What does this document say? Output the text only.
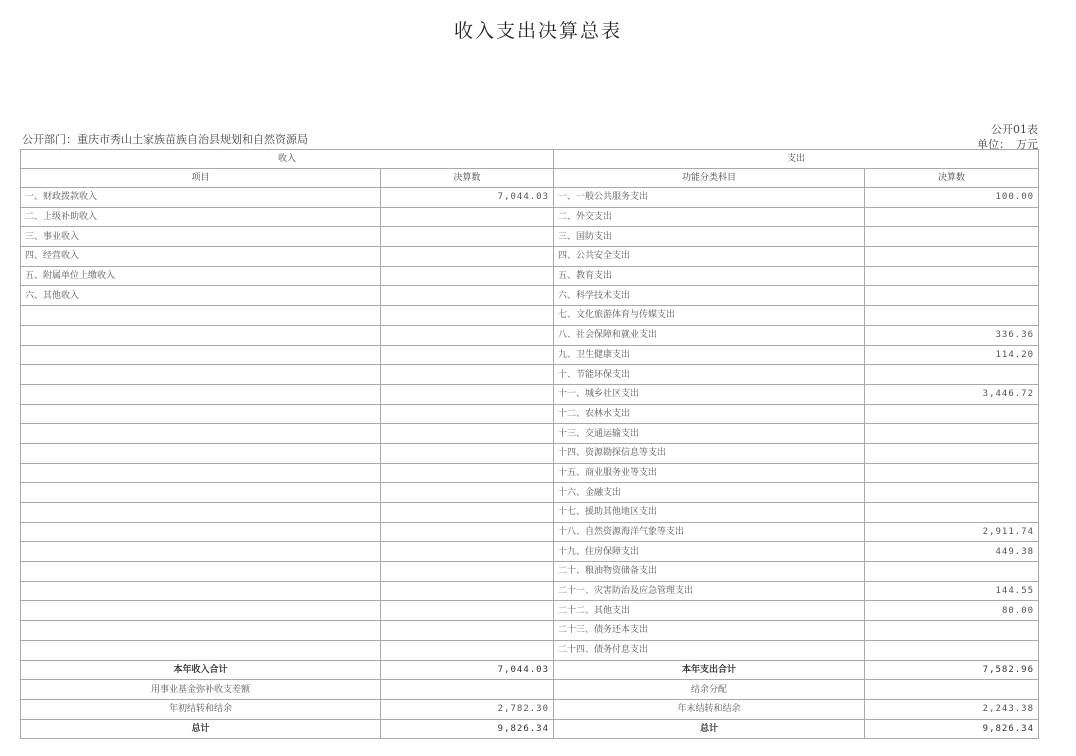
收入支出决算总表
公开01表
单位： 万元
公开部门：重庆市秀山土家族苗族自治县规划和自然资源局
收入		支出	
项目	决算数	功能分类科目	决算数
一、财政拨款收入	7,044.03	一、一般公共服务支出	100.00
二、上级补助收入		二、外交支出	
三、事业收入		三、国防支出	
四、经营收入		四、公共安全支出	
五、附属单位上缴收入		五、教育支出	
六、其他收入		六、科学技术支出	
		七、文化旅游体育与传媒支出	
		八、社会保障和就业支出	336.36
		九、卫生健康支出	114.20
		十、节能环保支出	
		十一、城乡社区支出	3,446.72
		十二、农林水支出	
		十三、交通运输支出	
		十四、资源勘探信息等支出	
		十五、商业服务业等支出	
		十六、金融支出	
		十七、援助其他地区支出	
		十八、自然资源海洋气象等支出	2,911.74
		十九、住房保障支出	449.38
		二十、粮油物资储备支出	
		二十一、灾害防治及应急管理支出	144.55
		二十二、其他支出	80.00
		二十三、债务还本支出	
		二十四、债务付息支出	
本年收入合计	7,044.03	本年支出合计	7,582.96
用事业基金弥补收支差额		结余分配	
年初结转和结余	2,782.30	年末结转和结余	2,243.38
总计	9,826.34	总计	9,826.34
